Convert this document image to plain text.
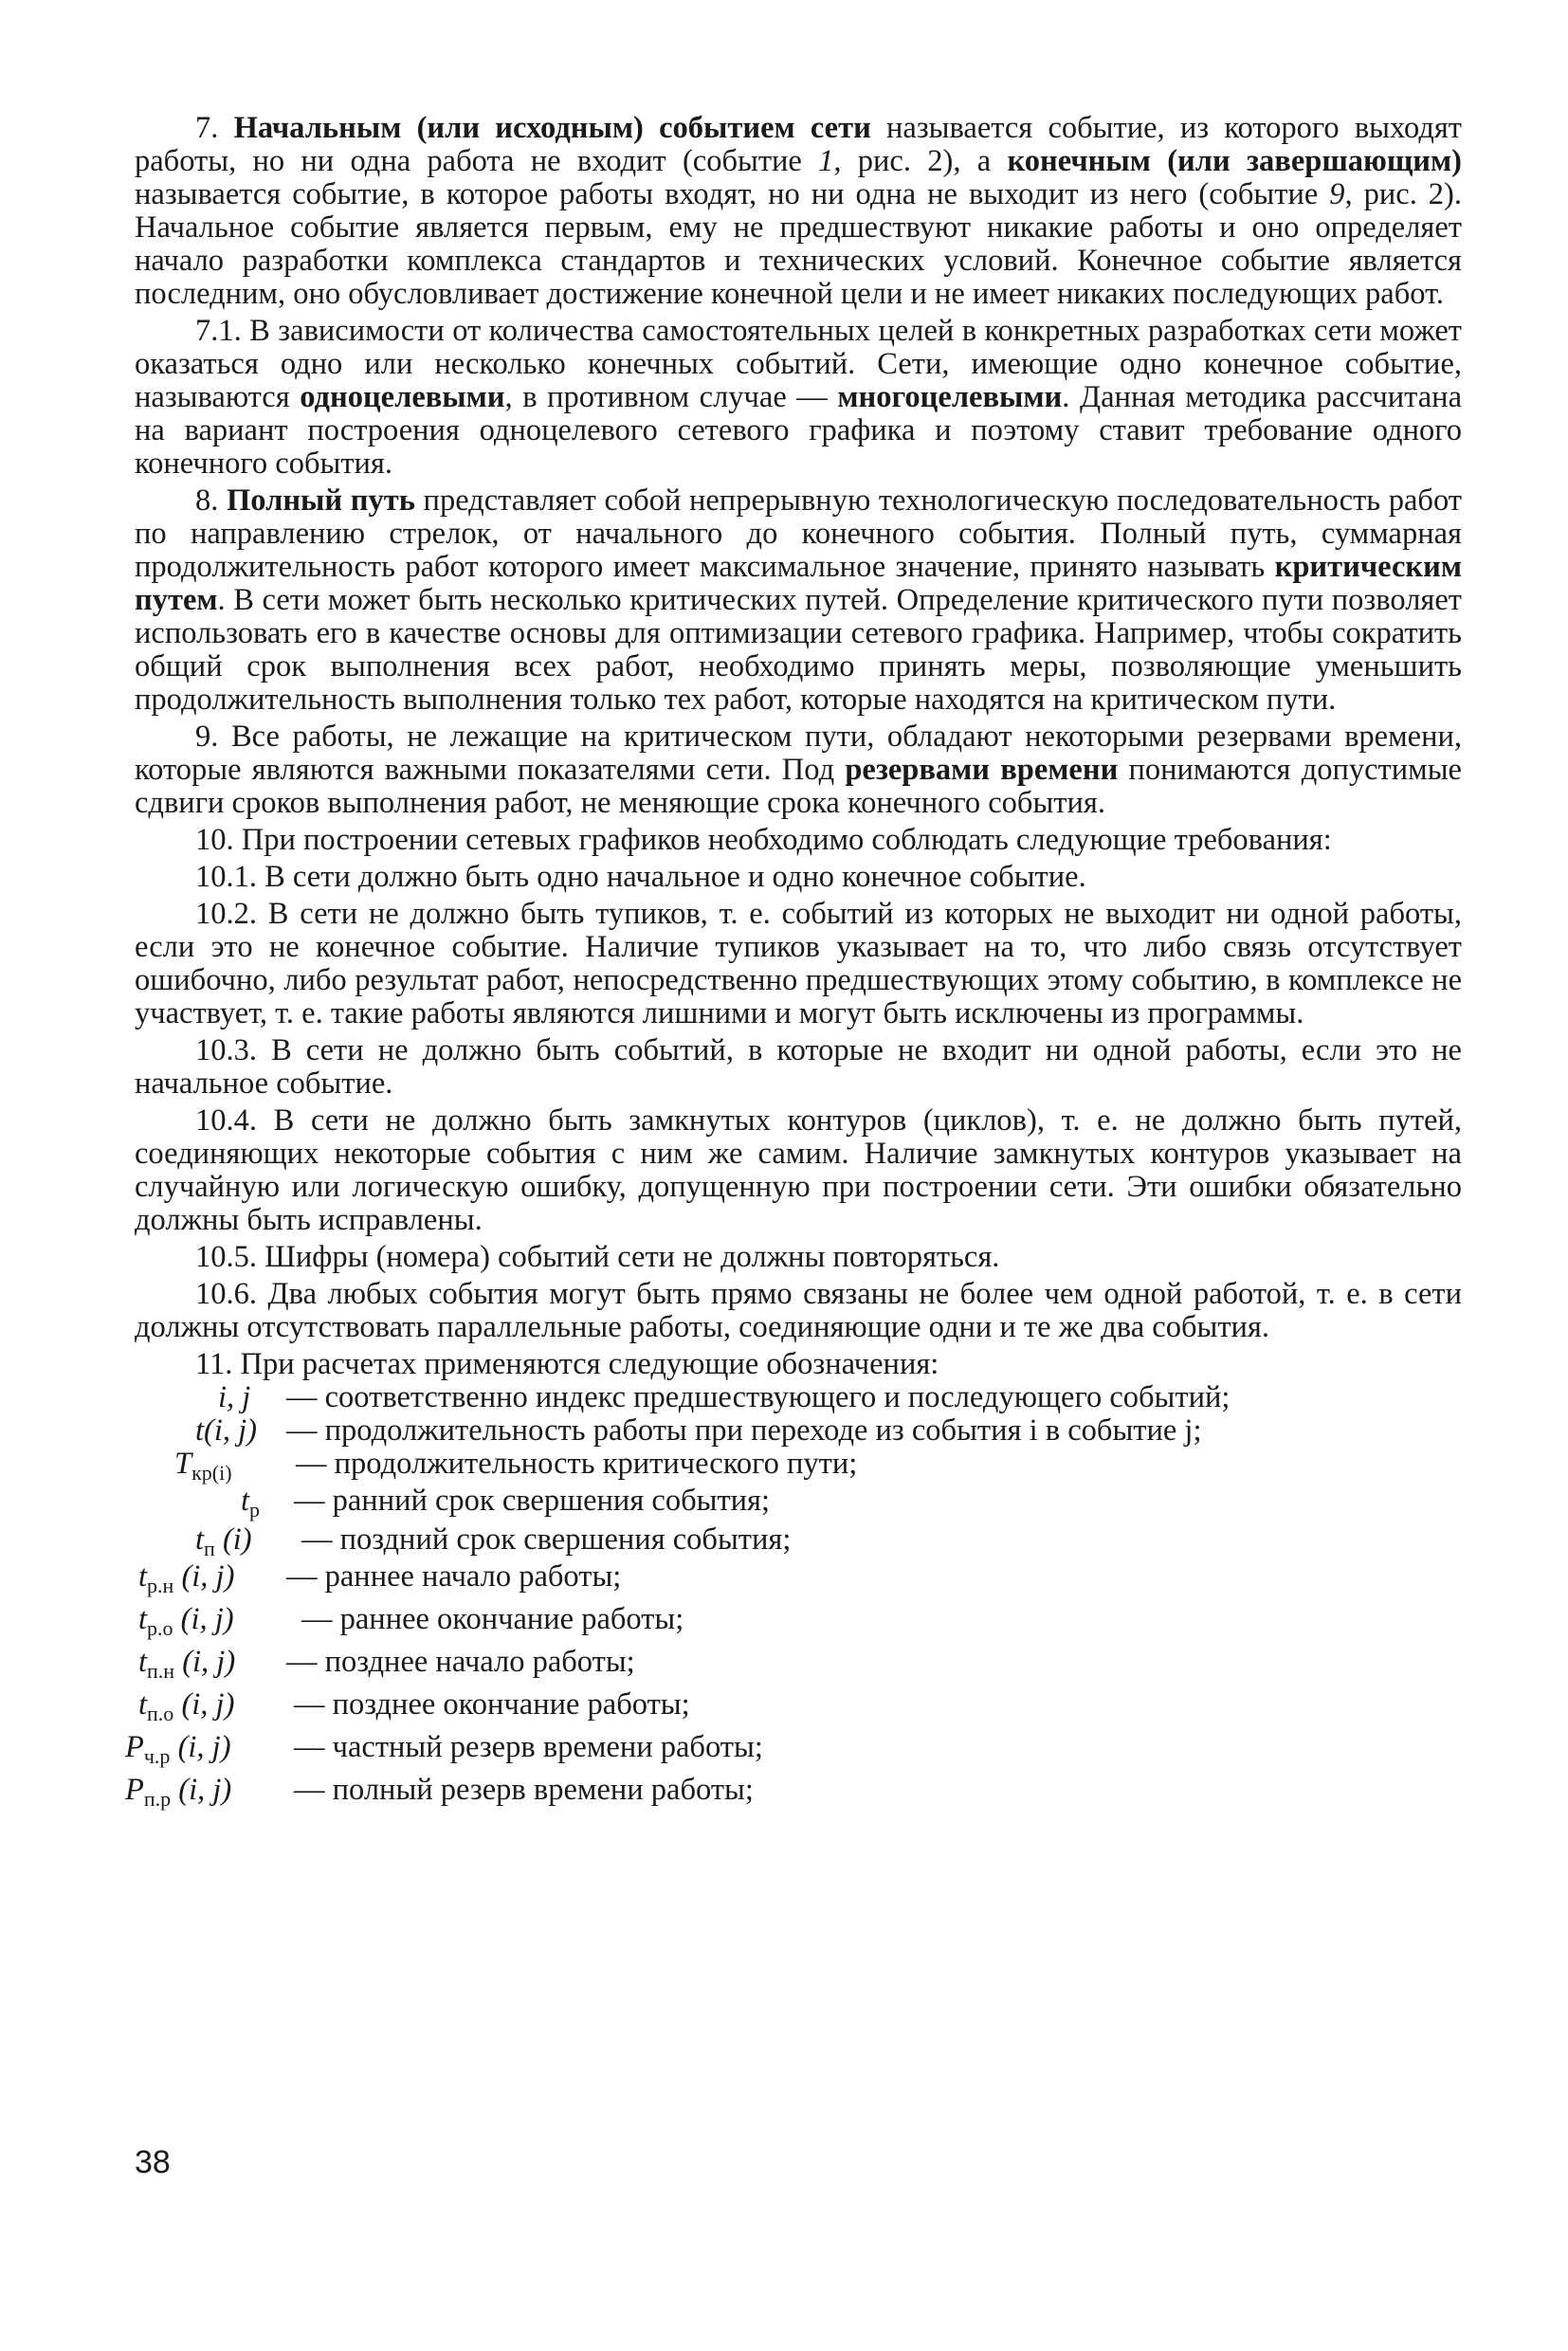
7. Начальным (или исходным) событием сети называется событие, из которого выходят работы, но ни одна работа не входит (событие 1, рис. 2), а конечным (или завершающим) называется событие, в которое работы входят, но ни одна не выходит из него (событие 9, рис. 2). Начальное событие является первым, ему не предшествуют никакие работы и оно определяет начало разработки комплекса стандартов и технических условий. Конечное событие является последним, оно обусловливает достижение конечной цели и не имеет никаких последующих работ.

7.1. В зависимости от количества самостоятельных целей в конкретных разработках сети может оказаться одно или несколько конечных событий. Сети, имеющие одно конечное событие, называются одноцелевыми, в противном случае — многоцелевыми. Данная методика рассчитана на вариант построения одноцелевого сетевого графика и поэтому ставит требование одного конечного события.

8. Полный путь представляет собой непрерывную технологическую последовательность работ по направлению стрелок, от начального до конечного события. Полный путь, суммарная продолжительность работ которого имеет максимальное значение, принято называть критическим путем. В сети может быть несколько критических путей. Определение критического пути позволяет использовать его в качестве основы для оптимизации сетевого графика. Например, чтобы сократить общий срок выполнения всех работ, необходимо принять меры, позволяющие уменьшить продолжительность выполнения только тех работ, которые находятся на критическом пути.

9. Все работы, не лежащие на критическом пути, обладают некоторыми резервами времени, которые являются важными показателями сети. Под резервами времени понимаются допустимые сдвиги сроков выполнения работ, не меняющие срока конечного события.

10. При построении сетевых графиков необходимо соблюдать следующие требования:

10.1. В сети должно быть одно начальное и одно конечное событие.

10.2. В сети не должно быть тупиков, т. е. событий из которых не выходит ни одной работы, если это не конечное событие. Наличие тупиков указывает на то, что либо связь отсутствует ошибочно, либо результат работ, непосредственно предшествующих этому событию, в комплексе не участвует, т. е. такие работы являются лишними и могут быть исключены из программы.

10.3. В сети не должно быть событий, в которые не входит ни одной работы, если это не начальное событие.

10.4. В сети не должно быть замкнутых контуров (циклов), т. е. не должно быть путей, соединяющих некоторые события с ним же самим. Наличие замкнутых контуров указывает на случайную или логическую ошибку, допущенную при построении сети. Эти ошибки обязательно должны быть исправлены.

10.5. Шифры (номера) событий сети не должны повторяться.

10.6. Два любых события могут быть прямо связаны не более чем одной работой, т. е. в сети должны отсутствовать параллельные работы, соединяющие одни и те же два события.

11. При расчетах применяются следующие обозначения:
i, j — соответственно индекс предшествующего и последующего событий;
t(i, j) — продолжительность работы при переходе из события i в событие j;
$T_{кр(i)}$ — продолжительность критического пути;
$t_р$ — ранний срок свершения события;
$t_п$ (i) — поздний срок свершения события;
$t_{р.н}$ (i, j) — раннее начало работы;
$t_{р.о}$ (i, j) — раннее окончание работы;
$t_{п.н}$ (i, j) — позднее начало работы;
$t_{п.о}$ (i, j) — позднее окончание работы;
$P_{ч.р}$ (i, j) — частный резерв времени работы;
$P_{п.р}$ (i, j) — полный резерв времени работы;
38
